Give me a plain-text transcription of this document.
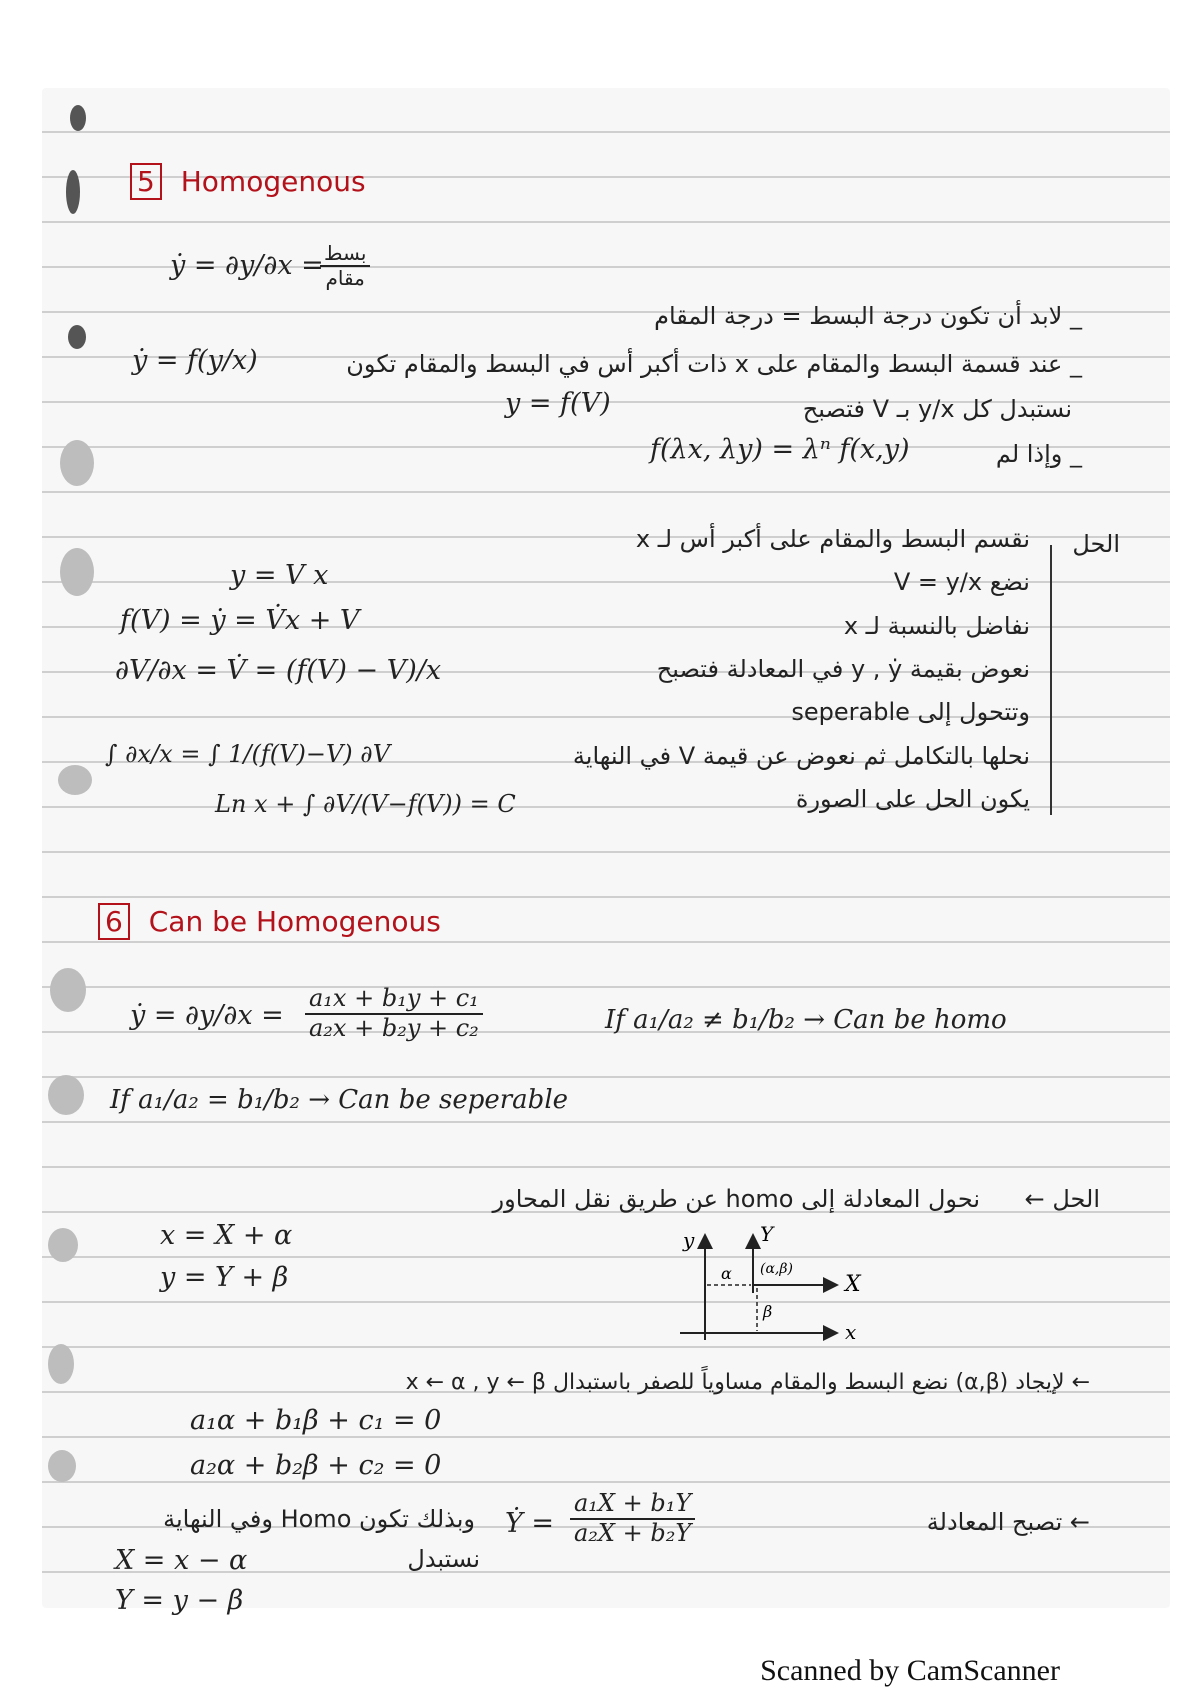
5 Homogenous
ẏ = ∂y/∂x = بسط
مقام
_ لابد أن تكون درجة البسط = درجة المقام
_ عند قسمة البسط والمقام على x ذات أكبر أس في البسط والمقام تكون
ẏ = f(y/x)
نستبدل كل y/x بـ V فتصبح
y = f(V)
_ وإذا لم
f(λx, λy) = λⁿ f(x,y)
الحل
نقسم البسط والمقام على أكبر أس لـ x
نضع V = y/x
نفاضل بالنسبة لـ x
نعوض بقيمة y , ẏ في المعادلة فتصبح
وتتحول إلى seperable
نحلها بالتكامل ثم نعوض عن قيمة V في النهاية
يكون الحل على الصورة
y = V x
f(V) = ẏ = V̇x + V
∂V/∂x = V̇ = (f(V) − V)/x
∫ ∂x/x = ∫ 1/(f(V)−V) ∂V
Ln x + ∫ ∂V/(V−f(V)) = C
6 Can be Homogenous
ẏ = $\partial y/\partial x = \frac{\text{a₁x + b₁y + c₁}}{\text{a₂x + b₂y + c₂}}$	If a₁/a₂ ≠ b₁/b₂ → Can be homo
If a₁/a₂ = b₁/b₂ → Can be seperable
الحل ←
نحول المعادلة إلى homo عن طريق نقل المحاور
x = X + α
y = Y + β
y	Y
X
x
(α,β)
α
β
← لإيجاد (α,β) نضع البسط والمقام مساوياً للصفر باستبدال x ← α , y ← β
a₁α + b₁β + c₁ = 0
a₂α + b₂β + c₂ = 0
← تصبح المعادلة
Ẏ = $\frac{\text{a₁X + b₁Y}}{\text{a₂X + b₂Y}}$
وبذلك تكون Homo وفي النهاية
نستبدل
X = x − α
Y = y − β
Scanned by CamScanner
